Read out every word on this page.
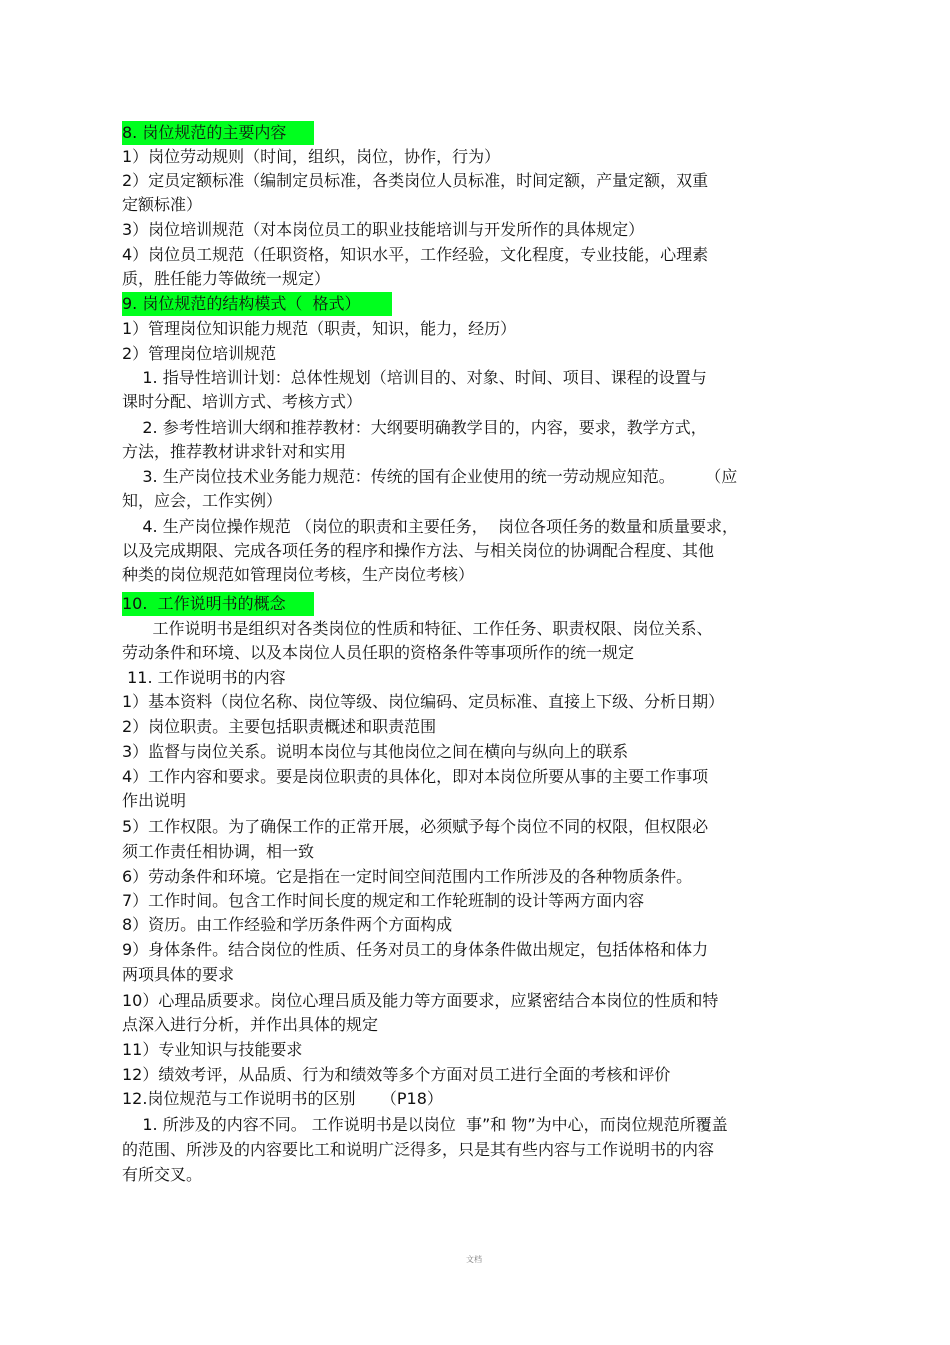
8. 岗位规范的主要内容
1）岗位劳动规则（时间，组织，岗位，协作，行为）
2）定员定额标准（编制定员标准，各类岗位人员标准，时间定额，产量定额，双重
定额标准）
3）岗位培训规范（对本岗位员工的职业技能培训与开发所作的具体规定）
4）岗位员工规范（任职资格，知识水平，工作经验，文化程度，专业技能，心理素
质，胜任能力等做统一规定）
9. 岗位规范的结构模式（  格式）
1）管理岗位知识能力规范（职责，知识，能力，经历）
2）管理岗位培训规范
1. 指导性培训计划：总体性规划（培训目的、对象、时间、项目、课程的设置与
课时分配、培训方式、考核方式）
2. 参考性培训大纲和推荐教材：大纲要明确教学目的，内容，要求，教学方式，
方法，推荐教材讲求针对和实用
3. 生产岗位技术业务能力规范：传统的国有企业使用的统一劳动规应知范。      （应
知，应会，工作实例）
4. 生产岗位操作规范 （岗位的职责和主要任务，  岗位各项任务的数量和质量要求，
以及完成期限、完成各项任务的程序和操作方法、与相关岗位的协调配合程度、其他
种类的岗位规范如管理岗位考核，生产岗位考核）
10.  工作说明书的概念
工作说明书是组织对各类岗位的性质和特征、工作任务、职责权限、岗位关系、
劳动条件和环境、以及本岗位人员任职的资格条件等事项所作的统一规定
11. 工作说明书的内容
1）基本资料（岗位名称、岗位等级、岗位编码、定员标准、直接上下级、分析日期）
2）岗位职责。主要包括职责概述和职责范围
3）监督与岗位关系。说明本岗位与其他岗位之间在横向与纵向上的联系
4）工作内容和要求。要是岗位职责的具体化，即对本岗位所要从事的主要工作事项
作出说明
5）工作权限。为了确保工作的正常开展，必须赋予每个岗位不同的权限，但权限必
须工作责任相协调，相一致
6）劳动条件和环境。它是指在一定时间空间范围内工作所涉及的各种物质条件。
7）工作时间。包含工作时间长度的规定和工作轮班制的设计等两方面内容
8）资历。由工作经验和学历条件两个方面构成
9）身体条件。结合岗位的性质、任务对员工的身体条件做出规定，包括体格和体力
两项具体的要求
10）心理品质要求。岗位心理吕质及能力等方面要求，应紧密结合本岗位的性质和特
点深入进行分析，并作出具体的规定
11）专业知识与技能要求
12）绩效考评，从品质、行为和绩效等多个方面对员工进行全面的考核和评价
12.岗位规范与工作说明书的区别     （P18）
1. 所涉及的内容不同。 工作说明书是以岗位  事”和 物”为中心，而岗位规范所覆盖
的范围、所涉及的内容要比工和说明广泛得多，只是其有些内容与工作说明书的内容
有所交叉。
文档
